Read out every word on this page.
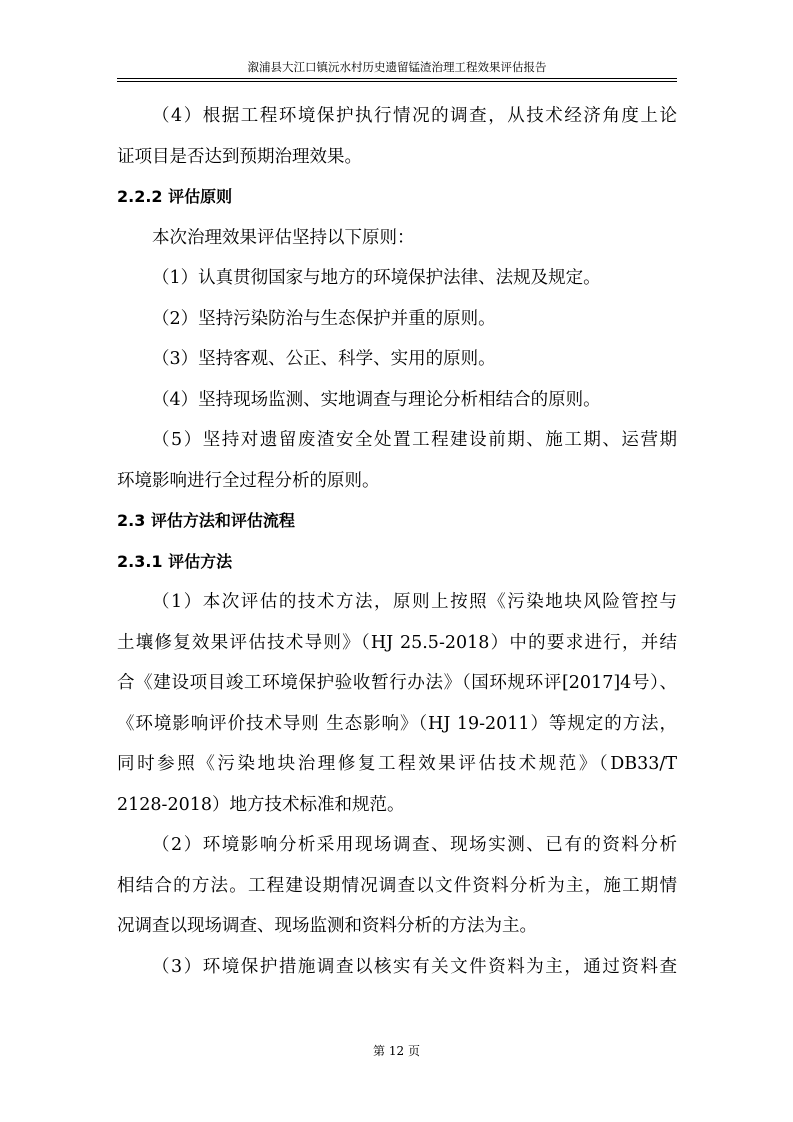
溆浦县大江口镇沅水村历史遗留锰渣治理工程效果评估报告

（4）根据工程环境保护执行情况的调查，从技术经济角度上论

证项目是否达到预期治理效果。

2.2.2 评估原则

本次治理效果评估坚持以下原则：

（1）认真贯彻国家与地方的环境保护法律、法规及规定。

（2）坚持污染防治与生态保护并重的原则。

（3）坚持客观、公正、科学、实用的原则。

（4）坚持现场监测、实地调查与理论分析相结合的原则。

（5）坚持对遗留废渣安全处置工程建设前期、施工期、运营期

环境影响进行全过程分析的原则。

2.3 评估方法和评估流程

2.3.1 评估方法

（1）本次评估的技术方法，原则上按照《污染地块风险管控与

土壤修复效果评估技术导则》（HJ 25.5-2018）中的要求进行，并结

合《建设项目竣工环境保护验收暂行办法》（国环规环评[2017]4号）、

《环境影响评价技术导则 生态影响》（HJ 19-2011）等规定的方法，

同时参照《污染地块治理修复工程效果评估技术规范》（DB33/T

2128-2018）地方技术标准和规范。

（2）环境影响分析采用现场调查、现场实测、已有的资料分析

相结合的方法。工程建设期情况调查以文件资料分析为主，施工期情

况调查以现场调查、现场监测和资料分析的方法为主。

（3）环境保护措施调查以核实有关文件资料为主，通过资料查

第 12 页
